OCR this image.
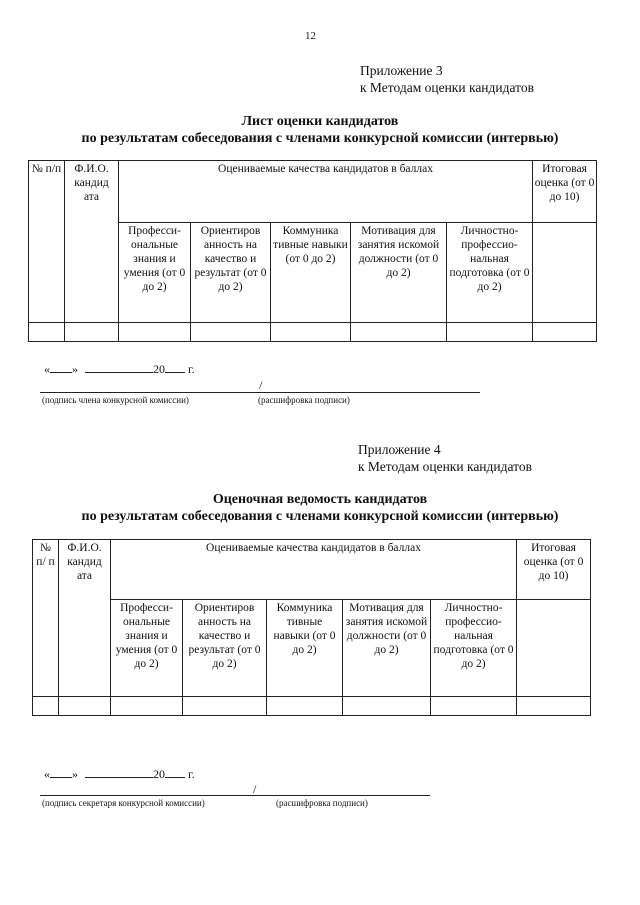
12
Приложение 3
к Методам оценки кандидатов
Лист оценки кандидатов
по результатам собеседования с членами конкурсной комиссии (интервью)
№ п/п	Ф.И.О. кандид ата	Оцениваемые качества кандидатов в баллах					Итоговая оценка (от 0 до 10)
		Професси-ональные знания и умения (от 0 до 2)	Ориентиров анность на качество и результат (от 0 до 2)	Коммуника тивные навыки (от 0 до 2)	Мотивация для занятия искомой должности (от 0 до 2)	Личностно-профессио-нальная подготовка (от 0 до 2)	

« »	20 г.
/
(подпись члена конкурсной комиссии)	(расшифровка подписи)
Приложение 4
к Методам оценки кандидатов
Оценочная ведомость кандидатов
по результатам собеседования с членами конкурсной комиссии (интервью)
№ п/ п	Ф.И.О. кандид ата	Оцениваемые качества кандидатов в баллах					Итоговая оценка (от 0 до 10)
		Професси-ональные знания и умения (от 0 до 2)	Ориентиров анность на качество и результат (от 0 до 2)	Коммуника тивные навыки (от 0 до 2)	Мотивация для занятия искомой должности (от 0 до 2)	Личностно-профессио-нальная подготовка (от 0 до 2)	

« »	20 г.
/
(подпись секретаря конкурсной комиссии)	(расшифровка подписи)
